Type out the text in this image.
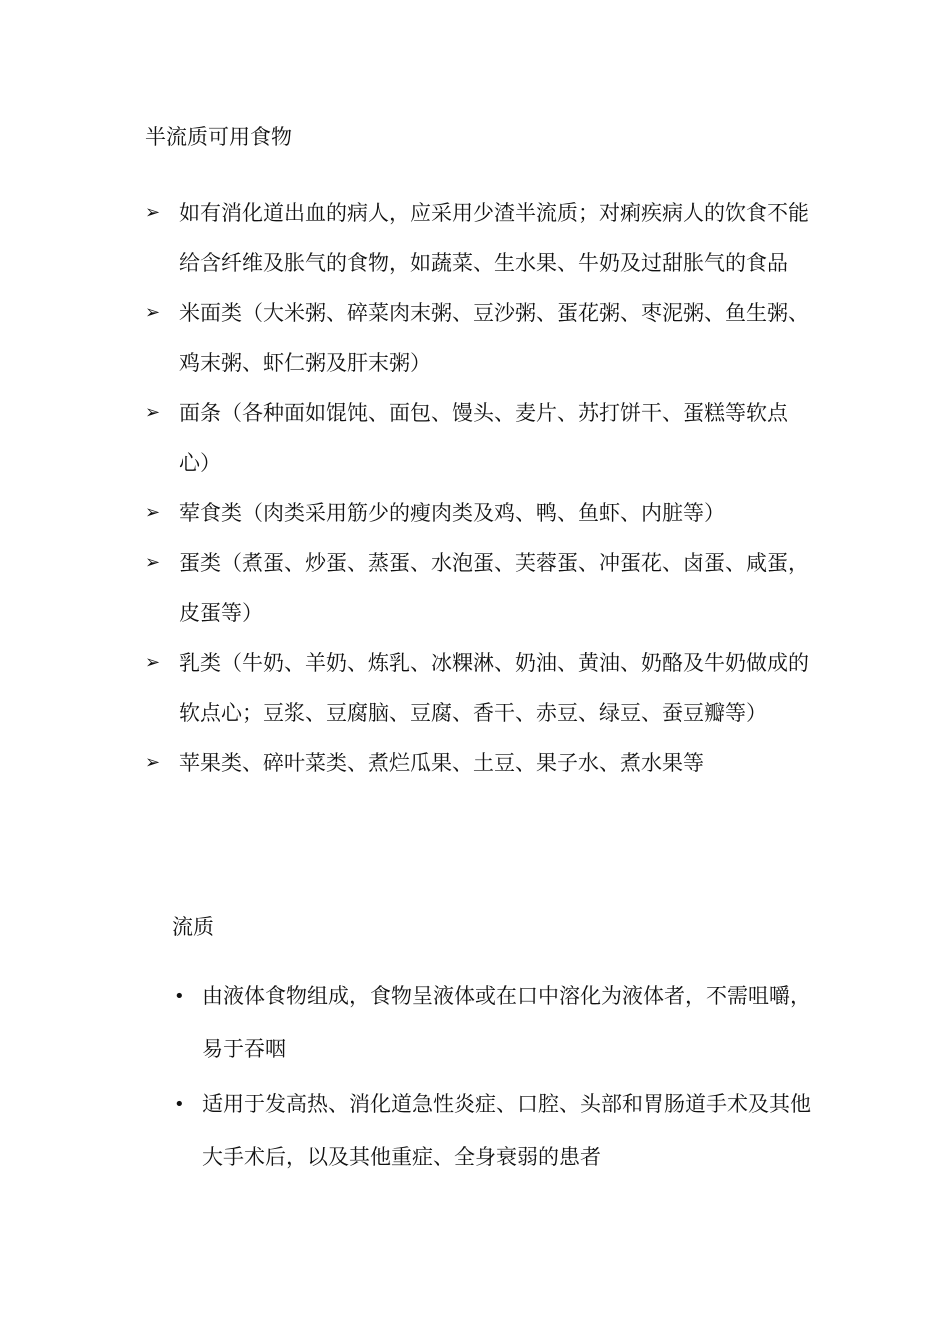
半流质可用食物
➢ 如有消化道出血的病人，应采用少渣半流质；对痢疾病人的饮食不能给含纤维及胀气的食物，如蔬菜、生水果、牛奶及过甜胀气的食品
➢ 米面类（大米粥、碎菜肉末粥、豆沙粥、蛋花粥、枣泥粥、鱼生粥、鸡末粥、虾仁粥及肝末粥）
➢ 面条（各种面如馄饨、面包、馒头、麦片、苏打饼干、蛋糕等软点心）
➢ 荤食类（肉类采用筋少的瘦肉类及鸡、鸭、鱼虾、内脏等）
➢ 蛋类（煮蛋、炒蛋、蒸蛋、水泡蛋、芙蓉蛋、冲蛋花、卤蛋、咸蛋，皮蛋等）
➢ 乳类（牛奶、羊奶、炼乳、冰粿淋、奶油、黄油、奶酪及牛奶做成的软点心；豆浆、豆腐脑、豆腐、香干、赤豆、绿豆、蚕豆瓣等）
➢ 苹果类、碎叶菜类、煮烂瓜果、土豆、果子水、煮水果等
流质
• 由液体食物组成，食物呈液体或在口中溶化为液体者，不需咀嚼，易于吞咽
• 适用于发高热、消化道急性炎症、口腔、头部和胃肠道手术及其他大手术后，以及其他重症、全身衰弱的患者
